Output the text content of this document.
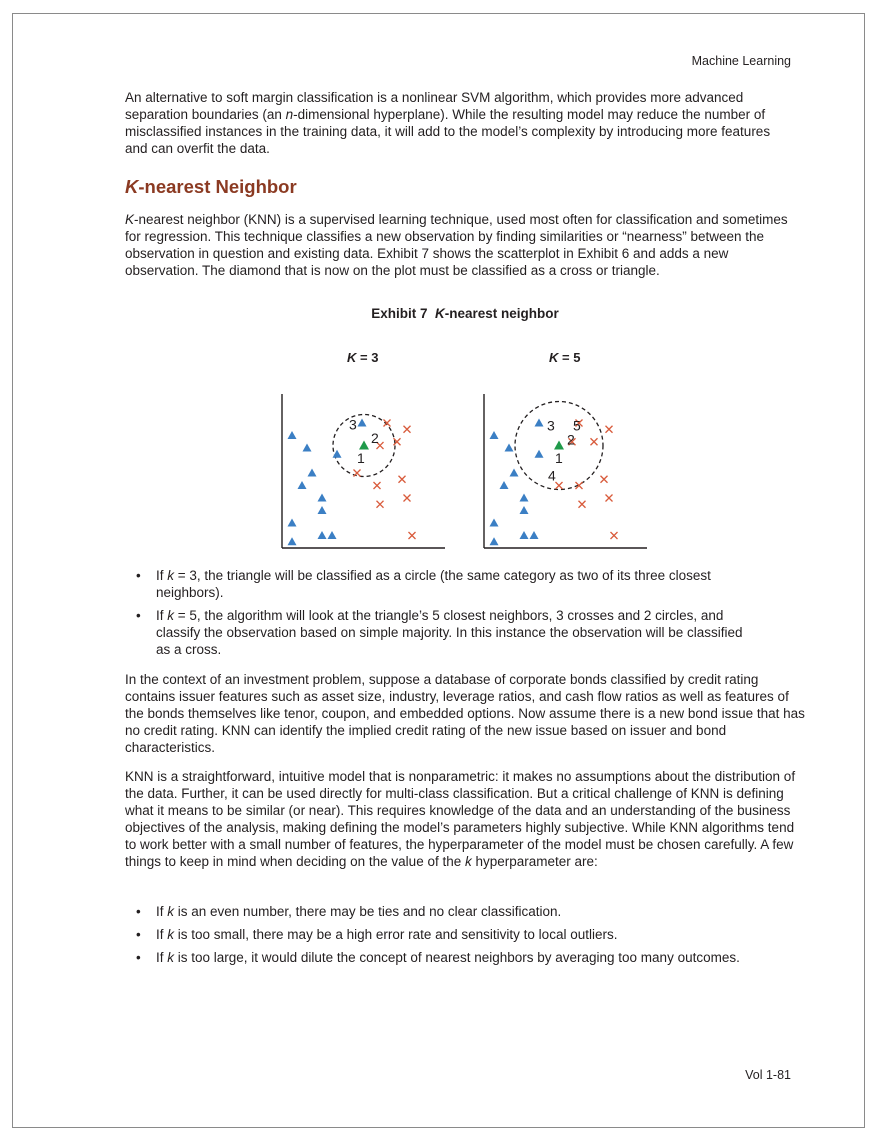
Machine Learning

An alternative to soft margin classification is a nonlinear SVM algorithm, which provides more advanced separation boundaries (an n-dimensional hyperplane). While the resulting model may reduce the number of misclassified instances in the training data, it will add to the model’s complexity by introducing more features and can overfit the data.

K-nearest Neighbor

K-nearest neighbor (KNN) is a supervised learning technique, used most often for classification and sometimes for regression. This technique classifies a new observation by finding similarities or “nearness” between the observation in question and existing data. Exhibit 7 shows the scatterplot in Exhibit 6 and adds a new observation. The diamond that is now on the plot must be classified as a cross or triangle.

Exhibit 7  K-nearest neighbor
K = 3	K = 5
1
2
3
1
2
3
4
5
• If k = 3, the triangle will be classified as a circle (the same category as two of its three closest neighbors).
• If k = 5, the algorithm will look at the triangle’s 5 closest neighbors, 3 crosses and 2 circles, and classify the observation based on simple majority. In this instance the observation will be classified as a cross.

In the context of an investment problem, suppose a database of corporate bonds classified by credit rating contains issuer features such as asset size, industry, leverage ratios, and cash flow ratios as well as features of the bonds themselves like tenor, coupon, and embedded options. Now assume there is a new bond issue that has no credit rating. KNN can identify the implied credit rating of the new issue based on issuer and bond characteristics.

KNN is a straightforward, intuitive model that is nonparametric: it makes no assumptions about the distribution of the data. Further, it can be used directly for multi-class classification. But a critical challenge of KNN is defining what it means to be similar (or near). This requires knowledge of the data and an understanding of the business objectives of the analysis, making defining the model’s parameters highly subjective. While KNN algorithms tend to work better with a small number of features, the hyperparameter of the model must be chosen carefully. A few things to keep in mind when deciding on the value of the k hyperparameter are:

• If k is an even number, there may be ties and no clear classification.
• If k is too small, there may be a high error rate and sensitivity to local outliers.
• If k is too large, it would dilute the concept of nearest neighbors by averaging too many outcomes.
Vol 1-81
